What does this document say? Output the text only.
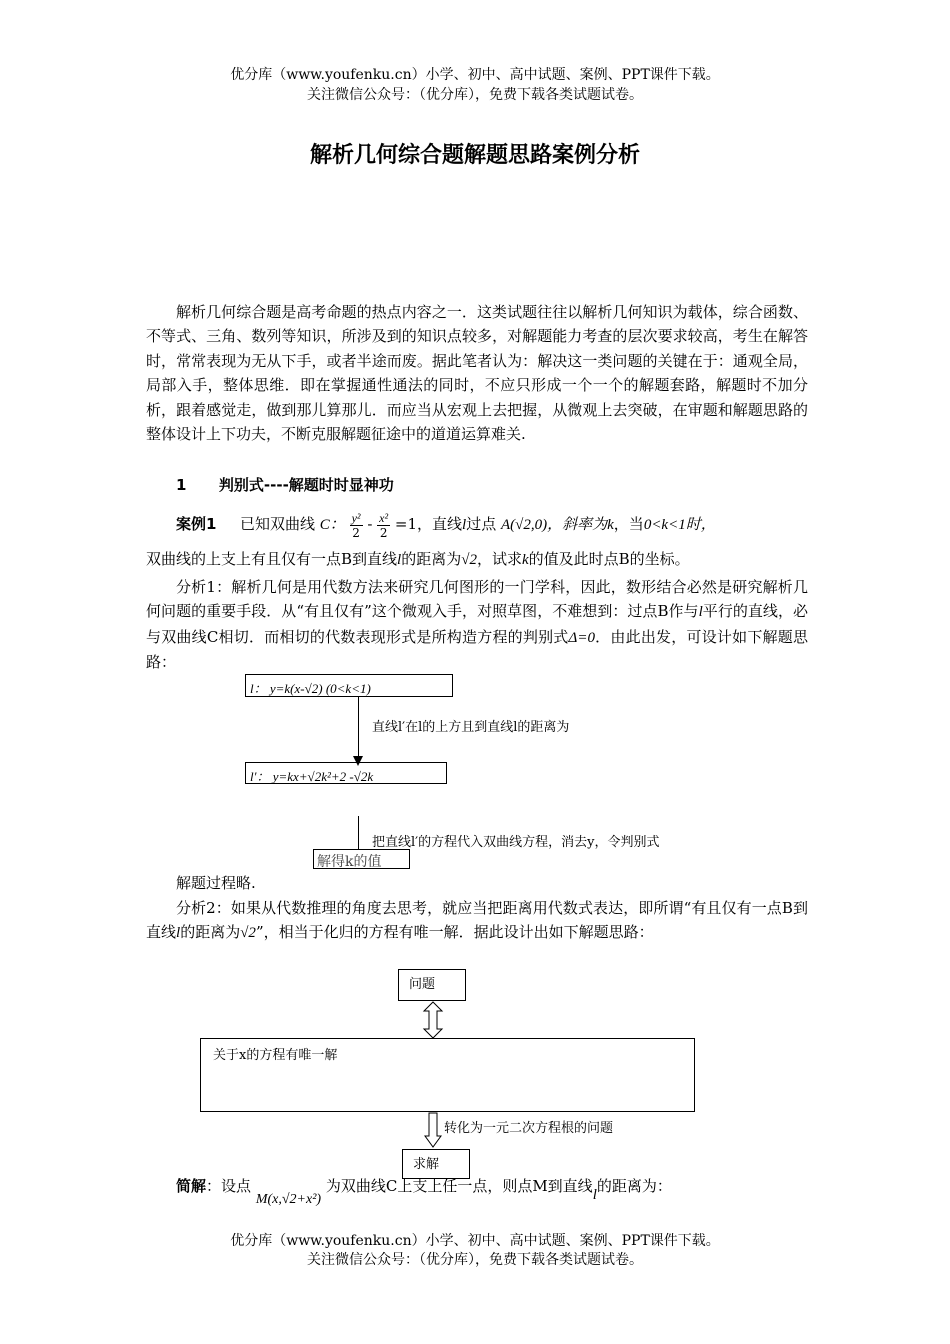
优分库（www.youfenku.cn）小学、初中、高中试题、案例、PPT课件下载。
关注微信公众号：（优分库），免费下载各类试题试卷。
解析几何综合题解题思路案例分析
解析几何综合题是高考命题的热点内容之一．这类试题往往以解析几何知识为载体，综合函数、不等式、三角、数列等知识，所涉及到的知识点较多，对解题能力考查的层次要求较高，考生在解答时，常常表现为无从下手，或者半途而废。据此笔者认为：解决这一类问题的关键在于：通观全局，局部入手，整体思维．即在掌握通性通法的同时，不应只形成一个一个的解题套路，解题时不加分析，跟着感觉走，做到那儿算那儿．而应当从宏观上去把握，从微观上去突破，在审题和解题思路的整体设计上下功夫，不断克服解题征途中的道道运算难关.
1 判别式----解题时时显神功
案例1 已知双曲线 C： $\frac{\text{y²}}{2} - \frac{\text{x²}}{2} =1$，直线l过点 A(√2,0)，斜率为k，当0<k<1时，
双曲线的上支上有且仅有一点B到直线l的距离为√2，试求k的值及此时点B的坐标。
分析1：解析几何是用代数方法来研究几何图形的一门学科，因此，数形结合必然是研究解析几何问题的重要手段．从“有且仅有”这个微观入手，对照草图，不难想到：过点B作与l平行的直线，必与双曲线C相切．而相切的代数表现形式是所构造方程的判别式Δ=0．由此出发，可设计如下解题思路：
l： y=k(x-√2) (0<k<1)
直线l′在l的上方且到直线l的距离为
l′： y=kx+√2k²+2 -√2k
把直线l′的方程代入双曲线方程，消去y，令判别式
解得k的值
解题过程略.
分析2：如果从代数推理的角度去思考，就应当把距离用代数式表达，即所谓“有且仅有一点B到直线l的距离为√2”，相当于化归的方程有唯一解．据此设计出如下解题思路：
问题
关于x的方程有唯一解
转化为一元二次方程根的问题
求解
简解：设点 M(x,√2+x²) 为双曲线C上支上任一点，则点M到直线l的距离为：
优分库（www.youfenku.cn）小学、初中、高中试题、案例、PPT课件下载。
关注微信公众号：（优分库），免费下载各类试题试卷。
